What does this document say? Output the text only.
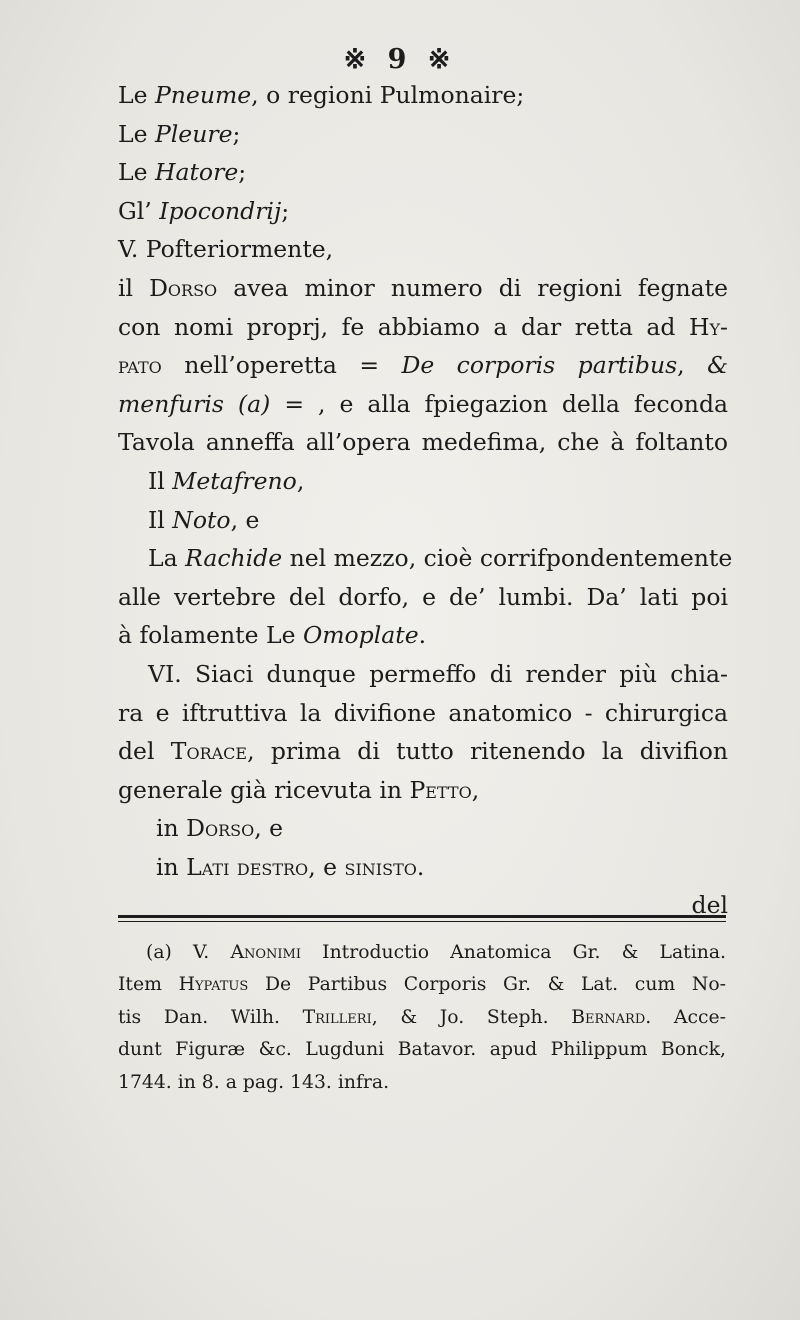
※ 9 ※
Le Pneume, o regioni Pulmonaire;
Le Pleure;
Le Hatore;
Gl’ Ipocondrij;
V. Pofteriormente,
il Dorso avea minor numero di regioni fegnate
con nomi proprj, fe abbiamo a dar retta ad Hy-
pato nell’operetta = De corporis partibus, &
menfuris (a) = , e alla fpiegazion della feconda
Tavola anneffa all’opera medefima, che à foltanto
Il Metafreno,
Il Noto, e
La Rachide nel mezzo, cioè corrifpondentemente
alle vertebre del dorfo, e de’ lumbi. Da’ lati poi
à folamente Le Omoplate.
VI. Siaci dunque permeffo di render più chia-
ra e iftruttiva la divifione anatomico - chirurgica
del Torace, prima di tutto ritenendo la divifion
generale già ricevuta in Petto,
in Dorso, e
in Lati destro, e sinisto.
del
(a) V. Anonimi Introductio Anatomica Gr. & Latina.
Item Hypatus De Partibus Corporis Gr. & Lat. cum No-
tis Dan. Wilh. Trilleri, & Jo. Steph. Bernard. Acce-
dunt Figuræ &c. Lugduni Batavor. apud Philippum Bonck,
1744. in 8. a pag. 143. infra.
